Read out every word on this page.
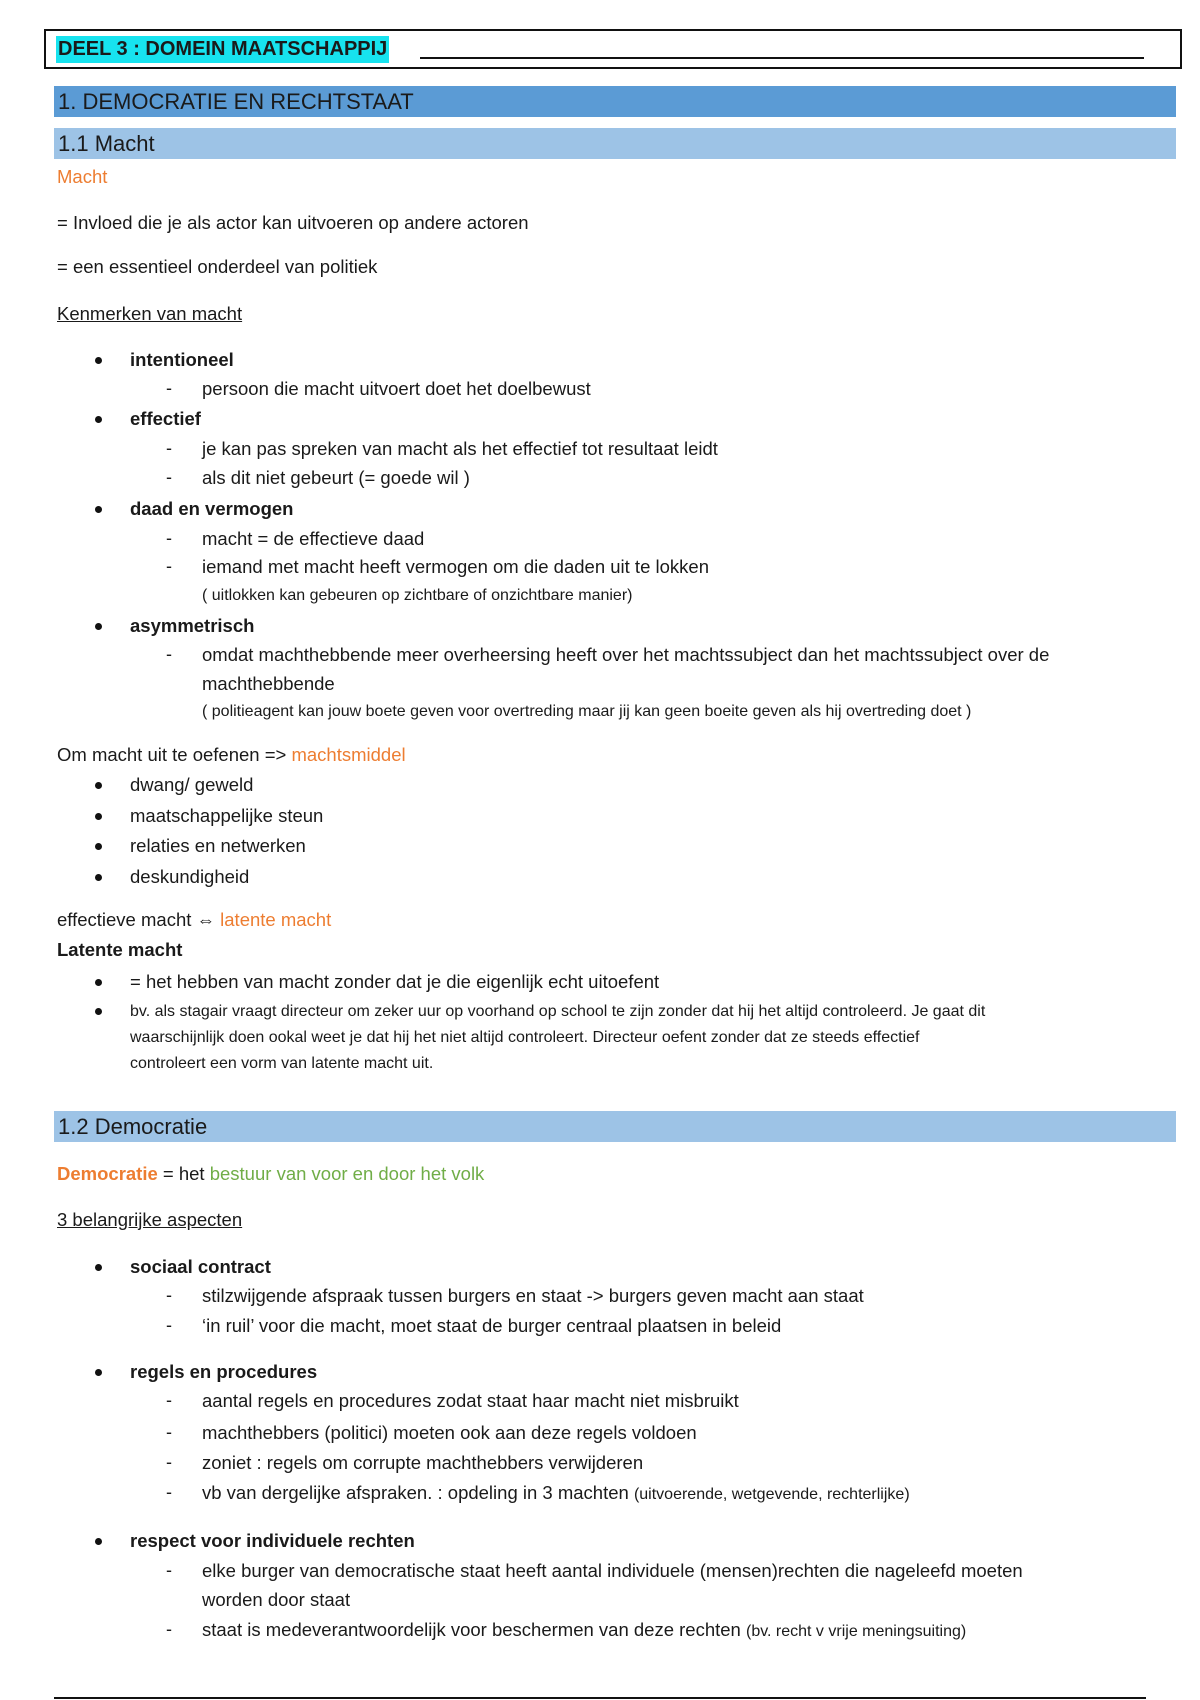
DEEL 3 : DOMEIN MAATSCHAPPIJ
1. DEMOCRATIE EN RECHTSTAAT
1.1 Macht
Macht
= Invloed die je als actor kan uitvoeren op andere actoren
= een essentieel onderdeel van politiek
Kenmerken van macht
intentioneel
- persoon die macht uitvoert doet het doelbewust
effectief
- je kan pas spreken van macht als het effectief tot resultaat leidt
- als dit niet gebeurt (= goede wil )
daad en vermogen
- macht = de effectieve daad
- iemand met macht heeft vermogen om die daden uit te lokken
( uitlokken kan gebeuren op zichtbare of onzichtbare manier)
asymmetrisch
- omdat machthebbende meer overheersing heeft over het machtssubject dan het machtssubject over de
machthebbende
( politieagent kan jouw boete geven voor overtreding maar jij kan geen boeite geven als hij overtreding doet )
Om macht uit te oefenen => machtsmiddel
dwang/ geweld
maatschappelijke steun
relaties en netwerken
deskundigheid
effectieve macht ⇔ latente macht
Latente macht
= het hebben van macht zonder dat je die eigenlijk echt uitoefent
bv. als stagair vraagt directeur om zeker uur op voorhand op school te zijn zonder dat hij het altijd controleerd. Je gaat dit
waarschijnlijk doen ookal weet je dat hij het niet altijd controleert. Directeur oefent zonder dat ze steeds effectief
controleert een vorm van latente macht uit.
1.2 Democratie
Democratie = het bestuur van voor en door het volk
3 belangrijke aspecten
sociaal contract
- stilzwijgende afspraak tussen burgers en staat -> burgers geven macht aan staat
- ‘in ruil’ voor die macht, moet staat de burger centraal plaatsen in beleid
regels en procedures
- aantal regels en procedures zodat staat haar macht niet misbruikt
- machthebbers (politici) moeten ook aan deze regels voldoen
- zoniet : regels om corrupte machthebbers verwijderen
- vb van dergelijke afspraken. : opdeling in 3 machten (uitvoerende, wetgevende, rechterlijke)
respect voor individuele rechten
- elke burger van democratische staat heeft aantal individuele (mensen)rechten die nageleefd moeten
worden door staat
- staat is medeverantwoordelijk voor beschermen van deze rechten (bv. recht v vrije meningsuiting)
